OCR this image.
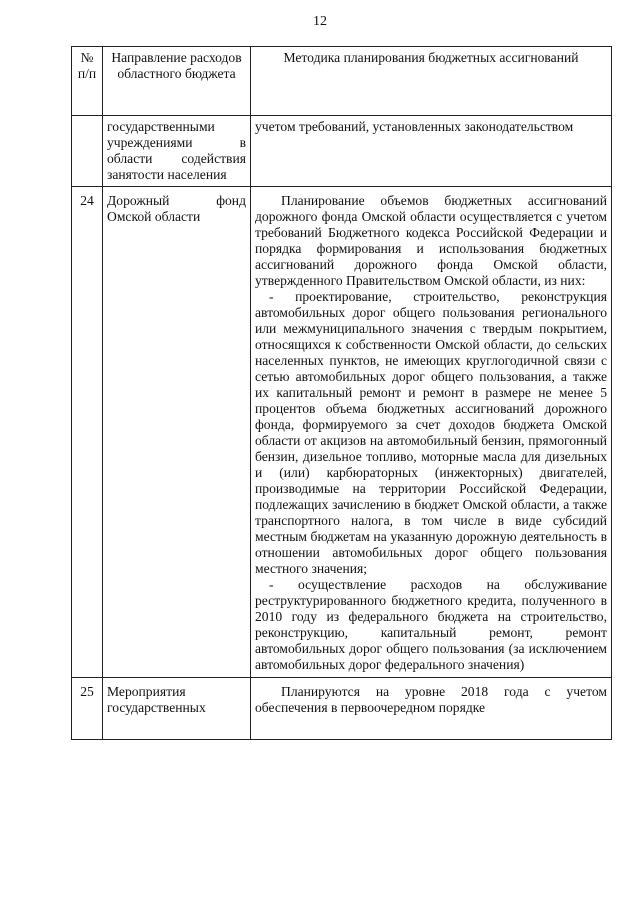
12
№ п/п	Направление расходов областного бюджета	Методика планирования бюджетных ассигнований
	государственными учреждениями в области содействия занятости населения	учетом требований, установленных законодательством

24	Дорожный фонд Омской области	Планирование объемов бюджетных ассигнований дорожного фонда Омской области осуществляется с учетом требований Бюджетного кодекса Российской Федерации и порядка формирования и использования бюджетных ассигнований дорожного фонда Омской области, утвержденного Правительством Омской области, из них:
- проектирование, строительство, реконструкция автомобильных дорог общего пользования регионального или межмуниципального значения с твердым покрытием, относящихся к собственности Омской области, до сельских населенных пунктов, не имеющих круглогодичной связи с сетью автомобильных дорог общего пользования, а также их капитальный ремонт и ремонт в размере не менее 5 процентов объема бюджетных ассигнований дорожного фонда, формируемого за счет доходов бюджета Омской области от акцизов на автомобильный бензин, прямогонный бензин, дизельное топливо, моторные масла для дизельных и (или) карбюраторных (инжекторных) двигателей, производимые на территории Российской Федерации, подлежащих зачислению в бюджет Омской области, а также транспортного налога, в том числе в виде субсидий местным бюджетам на указанную дорожную деятельность в отношении автомобильных дорог общего пользования местного значения;
- осуществление расходов на обслуживание реструктурированного бюджетного кредита, полученного в 2010 году из федерального бюджета на строительство, реконструкцию, капитальный ремонт, ремонт автомобильных дорог общего пользования (за исключением автомобильных дорог федерального значения)

25	Мероприятия государственных	Планируются на уровне 2018 года с учетом обеспечения в первоочередном порядке
